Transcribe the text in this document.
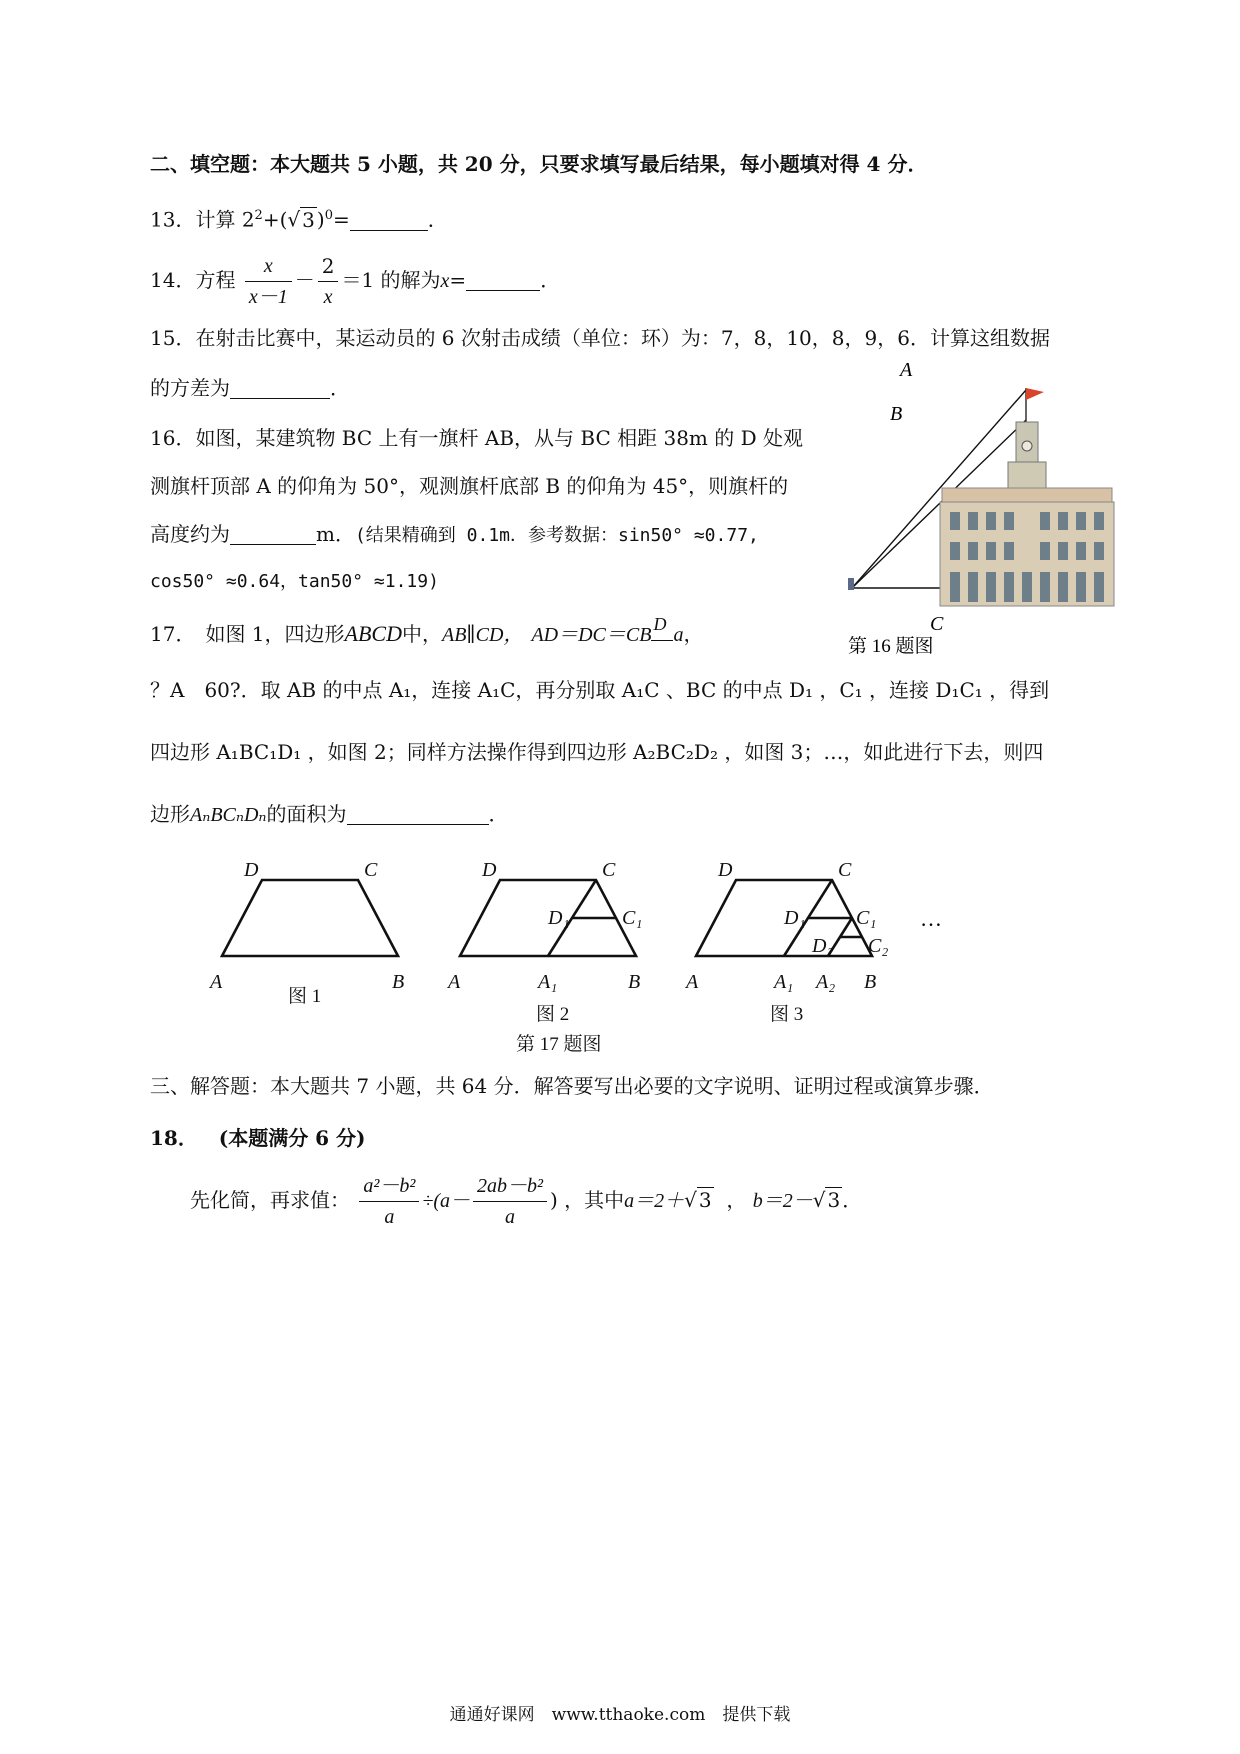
二、填空题：本大题共 5 小题，共 20 分，只要求填写最后结果，每小题填对得 4 分．
13．计算 $2^2+(√$ 3 )$^0$=	．
14．方程 $\frac{x}{x-1} - \frac{2}{x} =1$ 的解为x=	．
15．在射击比赛中，某运动员的 6 次射击成绩（单位：环）为：7，8，10，8，9，6．计算这组数据
的方差为	．
16．如图，某建筑物 BC 上有一旗杆 AB，从与 BC 相距 38m 的 D 处观
测旗杆顶部 A 的仰角为 50°，观测旗杆底部 B 的仰角为 45°，则旗杆的
高度约为	m．(结果精确到 0.1m．参考数据：sin50° ≈0.77,
cos50° ≈0.64，tan50° ≈1.19)
A
B
C
第 16 题图
17．　如图 1，四边形ABCD中，AB∥CD， AD＝DC＝CB D a，
？A　60?．取 AB 的中点 A₁，连接 A₁C，再分别取 A₁C 、BC 的中点 D₁ ，C₁ ，连接 D₁C₁ ，得到
四边形 A₁BC₁D₁ ，如图 2；同样方法操作得到四边形 A₂BC₂D₂ ，如图 3；…，如此进行下去，则四
边形AₙBCₙDₙ的面积为	．
D	C
A	B
D	C
D₁	C₁
A	A₁	B
D	C
D₁	C₁
D₂ C₂
A	A₁ A₂ B
…
图 1
图 2	图 3
第 17 题图
三、解答题：本大题共 7 小题，共 64 分．解答要写出必要的文字说明、证明过程或演算步骤．
18． (本题满分 6 分)
先化简，再求值： $\frac{\text{a²－b²}}{a} \div(a- \frac{\text{2ab－b²}}{a}$ ) ，其中a＝2＋√ 3  ， b＝2－√ 3 ．
通通好课网　www.tthaoke.com　提供下载
